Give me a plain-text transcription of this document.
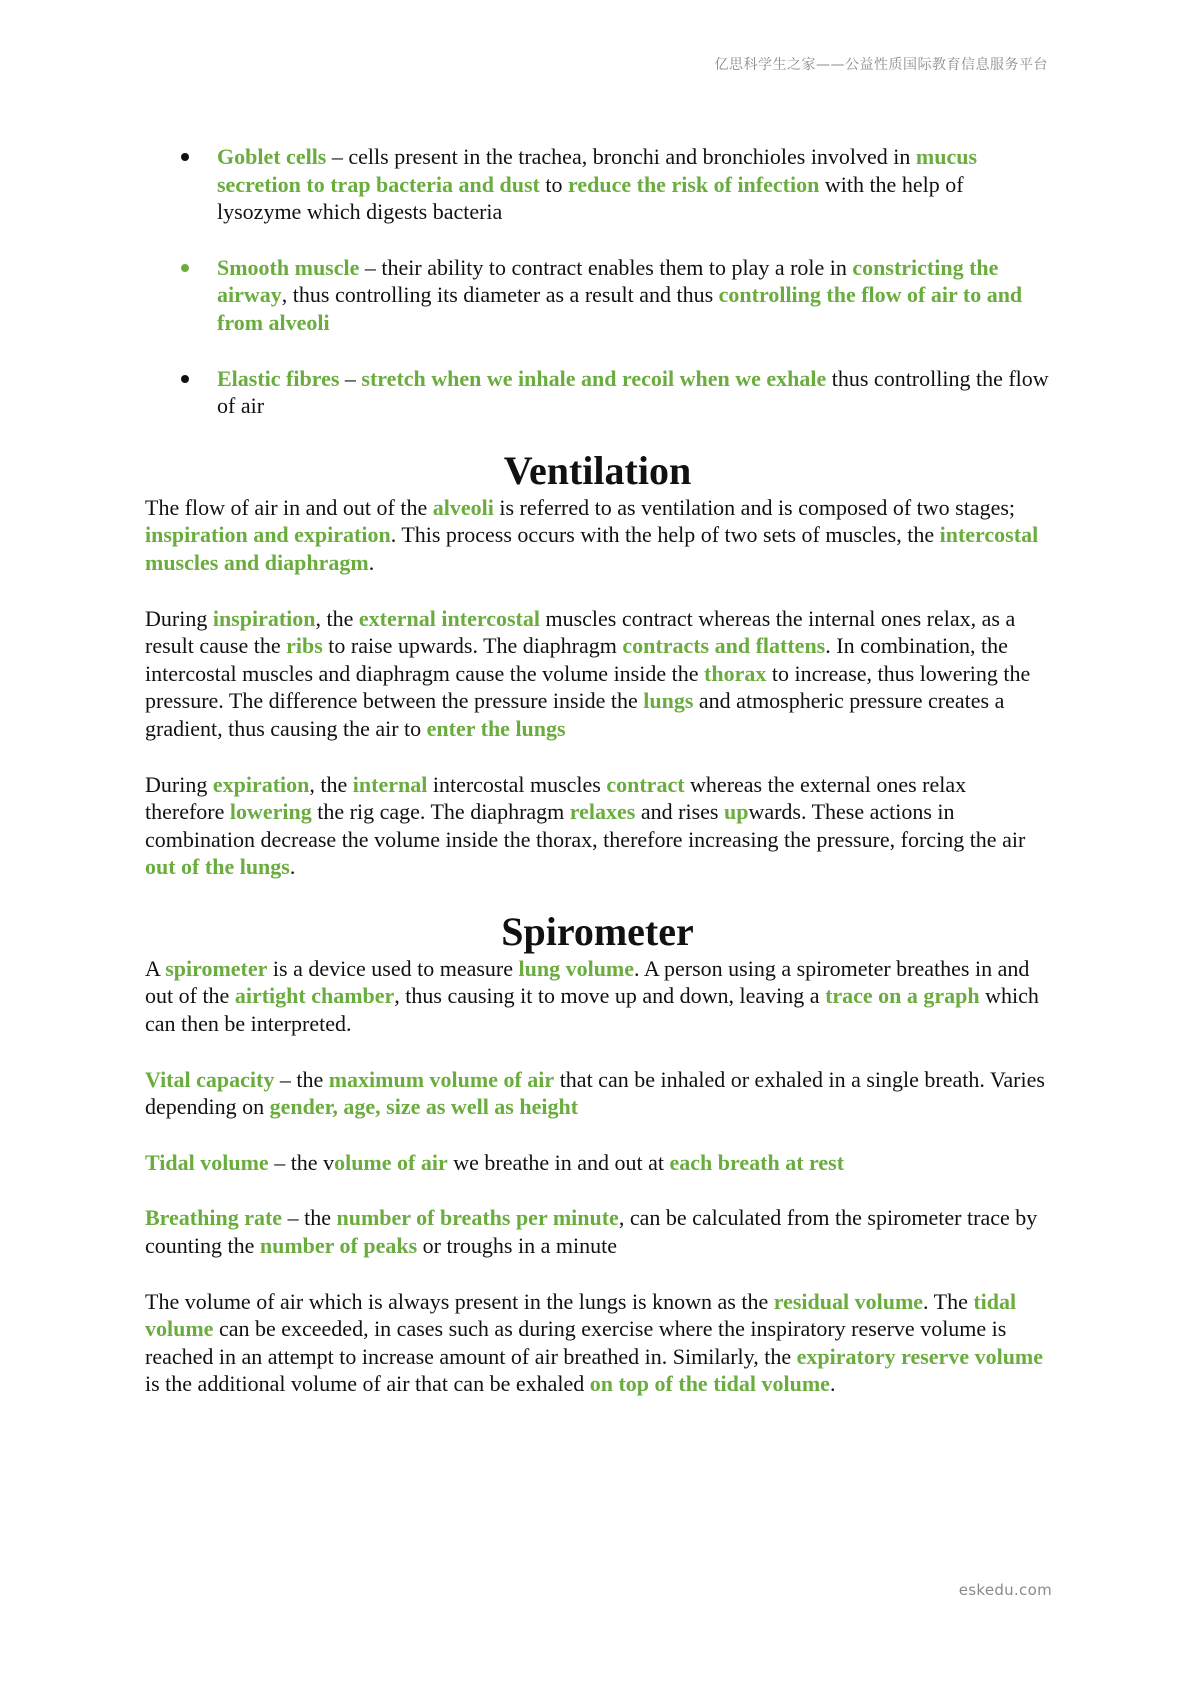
亿思科学生之家——公益性质国际教育信息服务平台
Goblet cells – cells present in the trachea, bronchi and bronchioles involved in mucus secretion to trap bacteria and dust to reduce the risk of infection with the help of lysozyme which digests bacteria
Smooth muscle – their ability to contract enables them to play a role in constricting the airway, thus controlling its diameter as a result and thus controlling the flow of air to and from alveoli
Elastic fibres – stretch when we inhale and recoil when we exhale thus controlling the flow of air
Ventilation

The flow of air in and out of the alveoli is referred to as ventilation and is composed of two stages; inspiration and expiration. This process occurs with the help of two sets of muscles, the intercostal muscles and diaphragm.

During inspiration, the external intercostal muscles contract whereas the internal ones relax, as a result cause the ribs to raise upwards. The diaphragm contracts and flattens. In combination, the intercostal muscles and diaphragm cause the volume inside the thorax to increase, thus lowering the pressure. The difference between the pressure inside the lungs and atmospheric pressure creates a gradient, thus causing the air to enter the lungs

During expiration, the internal intercostal muscles contract whereas the external ones relax therefore lowering the rig cage. The diaphragm relaxes and rises upwards. These actions in combination decrease the volume inside the thorax, therefore increasing the pressure, forcing the air out of the lungs.

Spirometer

A spirometer is a device used to measure lung volume. A person using a spirometer breathes in and out of the airtight chamber, thus causing it to move up and down, leaving a trace on a graph which can then be interpreted.

Vital capacity – the maximum volume of air that can be inhaled or exhaled in a single breath. Varies depending on gender, age, size as well as height

Tidal volume – the volume of air we breathe in and out at each breath at rest

Breathing rate – the number of breaths per minute, can be calculated from the spirometer trace by counting the number of peaks or troughs in a minute

The volume of air which is always present in the lungs is known as the residual volume. The tidal volume can be exceeded, in cases such as during exercise where the inspiratory reserve volume is reached in an attempt to increase amount of air breathed in. Similarly, the expiratory reserve volume is the additional volume of air that can be exhaled on top of the tidal volume.

eskedu.com
